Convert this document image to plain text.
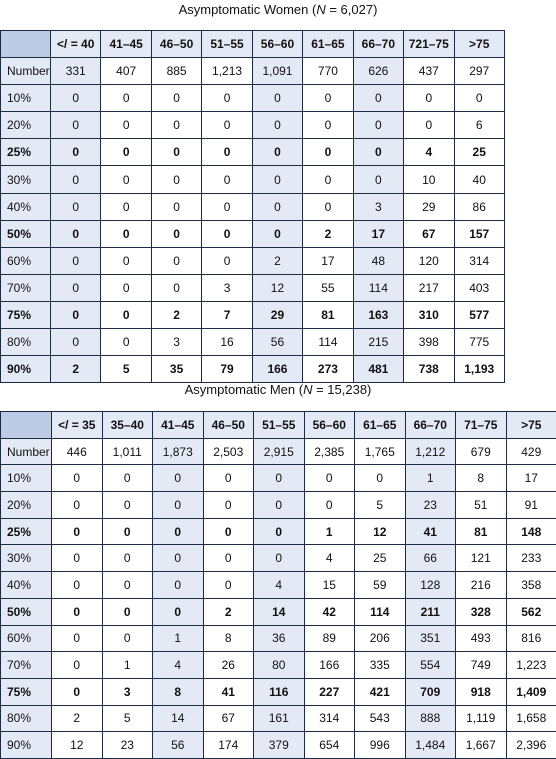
Asymptomatic Women (N = 6,027)
	</ = 40	41–45	46–50	51–55	56–60	61–65	66–70	721–75	>75
Number	331	407	885	1,213	1,091	770	626	437	297
10%	0	0	0	0	0	0	0	0	0
20%	0	0	0	0	0	0	0	0	6
25%	0	0	0	0	0	0	0	4	25
30%	0	0	0	0	0	0	0	10	40
40%	0	0	0	0	0	0	3	29	86
50%	0	0	0	0	0	2	17	67	157
60%	0	0	0	0	2	17	48	120	314
70%	0	0	0	3	12	55	114	217	403
75%	0	0	2	7	29	81	163	310	577
80%	0	0	3	16	56	114	215	398	775
90%	2	5	35	79	166	273	481	738	1,193
Asymptomatic Men (N = 15,238)
	</ = 35	35–40	41–45	46–50	51–55	56–60	61–65	66–70	71–75	>75
Number	446	1,011	1,873	2,503	2,915	2,385	1,765	1,212	679	429
10%	0	0	0	0	0	0	0	1	8	17
20%	0	0	0	0	0	0	5	23	51	91
25%	0	0	0	0	0	1	12	41	81	148
30%	0	0	0	0	0	4	25	66	121	233
40%	0	0	0	0	4	15	59	128	216	358
50%	0	0	0	2	14	42	114	211	328	562
60%	0	0	1	8	36	89	206	351	493	816
70%	0	1	4	26	80	166	335	554	749	1,223
75%	0	3	8	41	116	227	421	709	918	1,409
80%	2	5	14	67	161	314	543	888	1,119	1,658
90%	12	23	56	174	379	654	996	1,484	1,667	2,396
